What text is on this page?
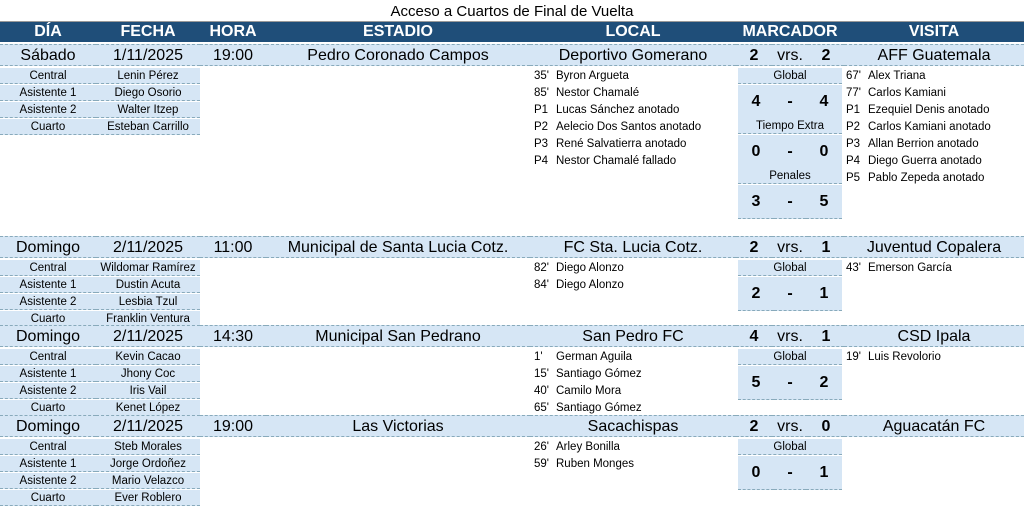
Acceso a Cuartos de Final de Vuelta
DÍA	FECHA	HORA	ESTADIO	LOCAL	MARCADOR	VISITA
Sábado	1/11/2025	19:00	Pedro Coronado Campos	Deportivo Gomerano	2	vrs.	2	AFF Guatemala
Central	Lenin Pérez
Asistente 1	Diego Osorio
Asistente 2	Walter Itzep
Cuarto	Esteban Carrillo
35' Byron Argueta
85' Nestor Chamalé
P1 Lucas Sánchez anotado
P2 Aelecio Dos Santos anotado
P3 René Salvatierra anotado
P4 Nestor Chamalé fallado
67' Alex Triana
77' Carlos Kamiani
P1 Ezequiel Denis anotado
P2 Carlos Kamiani anotado
P3 Allan Berrion anotado
P4 Diego Guerra anotado
P5 Pablo Zepeda anotado
Global
4	-	4
Tiempo Extra
0	-	0
Penales
3	-	5
Domingo	2/11/2025	11:00	Municipal de Santa Lucia Cotz.	FC Sta. Lucia Cotz.	2	vrs.	1	Juventud Copalera
Central	Wildomar Ramírez
Asistente 1	Dustin Acuta
Asistente 2	Lesbia Tzul
Cuarto	Franklin Ventura
82' Diego Alonzo
84' Diego Alonzo
43' Emerson García
Global
2	-	1
Domingo	2/11/2025	14:30	Municipal San Pedrano	San Pedro FC	4	vrs.	1	CSD Ipala
Central	Kevin Cacao
Asistente 1	Jhony Coc
Asistente 2	Iris Vail
Cuarto	Kenet López
1' German Aguila
15' Santiago Gómez
40' Camilo Mora
65' Santiago Gómez
19' Luis Revolorio
Global
5	-	2
Domingo	2/11/2025	19:00	Las Victorias	Sacachispas	2	vrs.	0	Aguacatán FC
Central	Steb Morales
Asistente 1	Jorge Ordoñez
Asistente 2	Mario Velazco
Cuarto	Ever Roblero
26' Arley Bonilla
59' Ruben Monges
Global
0	-	1
